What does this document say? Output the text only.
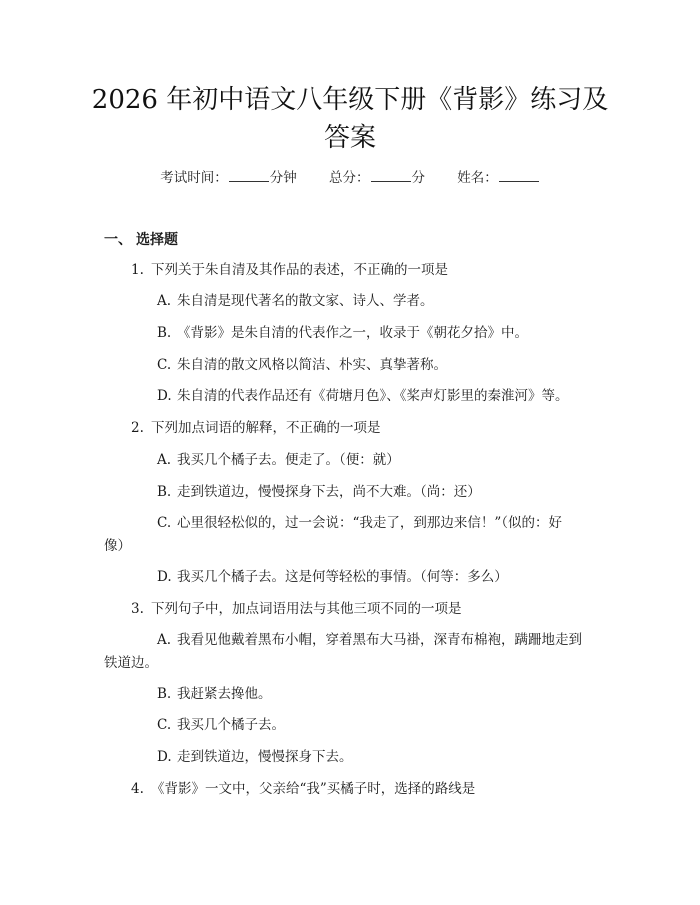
2026 年初中语文八年级下册《背影》练习及
答案
考试时间：	分钟 总分：	分 姓名：
一、 选择题
1. 下列关于朱自清及其作品的表述，不正确的一项是
A. 朱自清是现代著名的散文家、诗人、学者。
B. 《背影》是朱自清的代表作之一，收录于《朝花夕拾》中。
C. 朱自清的散文风格以简洁、朴实、真挚著称。
D. 朱自清的代表作品还有《荷塘月色》、《桨声灯影里的秦淮河》等。
2. 下列加点词语的解释，不正确的一项是
A. 我买几个橘子去。便走了。（便：就）
B. 走到铁道边，慢慢探身下去，尚不大难。（尚：还）
C. 心里很轻松似的，过一会说：“我走了，到那边来信！”（似的：好
像）
D. 我买几个橘子去。这是何等轻松的事情。（何等：多么）
3. 下列句子中，加点词语用法与其他三项不同的一项是
A. 我看见他戴着黑布小帽，穿着黑布大马褂，深青布棉袍，蹒跚地走到
铁道边。
B. 我赶紧去搀他。
C. 我买几个橘子去。
D. 走到铁道边，慢慢探身下去。
4. 《背影》一文中，父亲给“我”买橘子时，选择的路线是
